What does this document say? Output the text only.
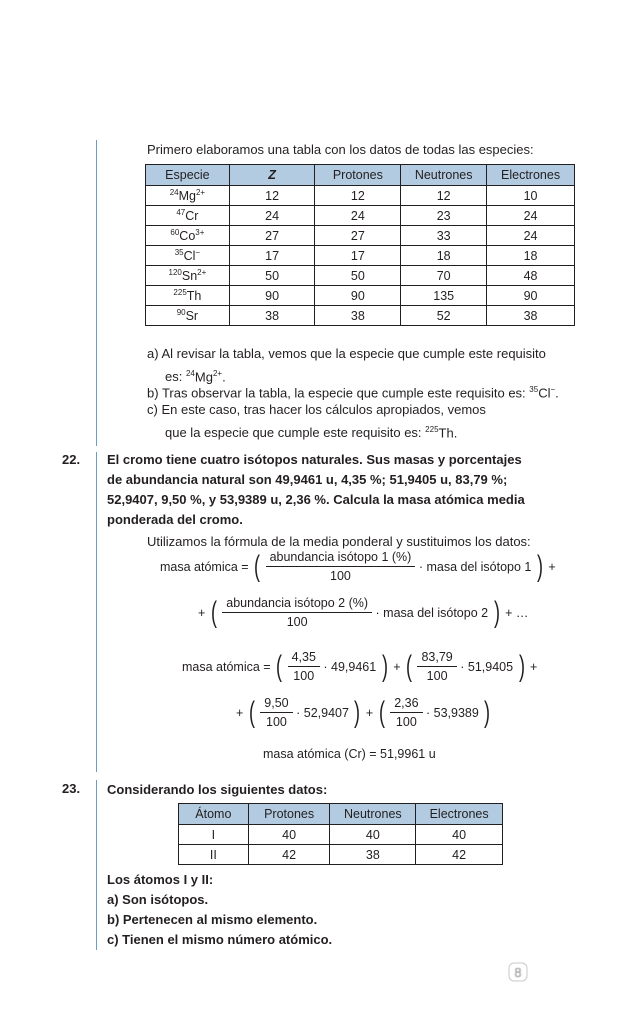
Primero elaboramos una tabla con los datos de todas las especies:
Especie	Z	Protones	Neutrones	Electrones
$^{24}Mg^{2+}$	12	12	12	10
$^{47}$Cr	24	24	23	24
$^{60}Co^{3+}$	27	27	33	24
$^{35}$Cl−	17	17	18	18
$^{120}Sn^{2+}$	50	50	70	48
$^{225}$Th	90	90	135	90
$^{90}$Sr	38	38	52	38
a) Al revisar la tabla, vemos que la especie que cumple este requisito
es: $^{24}Mg^{2+}$.
b) Tras observar la tabla, la especie que cumple este requisito es: $^{35}$Cl−.
c) En este caso, tras hacer los cálculos apropiados, vemos
que la especie que cumple este requisito es: $^{225}$Th.
22. El cromo tiene cuatro isótopos naturales. Sus masas y porcentajes
de abundancia natural son 49,9461 u, 4,35 %; 51,9405 u, 83,79 %;
52,9407, 9,50 %, y 53,9389 u, 2,36 %. Calcula la masa atómica media
ponderada del cromo.
Utilizamos la fórmula de la media ponderal y sustituimos los datos:
masa atómica = ( $\frac{\text{abundancia isótopo 1 (\%)}}{100}$ · masa del isótopo 1 ) +
+ ( $\frac{\text{abundancia isótopo 2 (\%)}}{100}$ · masa del isótopo 2 ) + …
masa atómica = ( $\frac{4,35}{100} \cdot 49,9461$ ) + ( $\frac{83,79}{100} \cdot 51,9405$ ) +
+ ( $\frac{9,50}{100} \cdot 52,9407$ ) + ( $\frac{2,36}{100} \cdot 53,9389$ )
masa atómica (Cr) = 51,9961 u
23. Considerando los siguientes datos:
Átomo	Protones	Neutrones	Electrones
I	40	40	40
II	42	38	42
Los átomos I y II:
a) Son isótopos.
b) Pertenecen al mismo elemento.
c) Tienen el mismo número atómico.
8
